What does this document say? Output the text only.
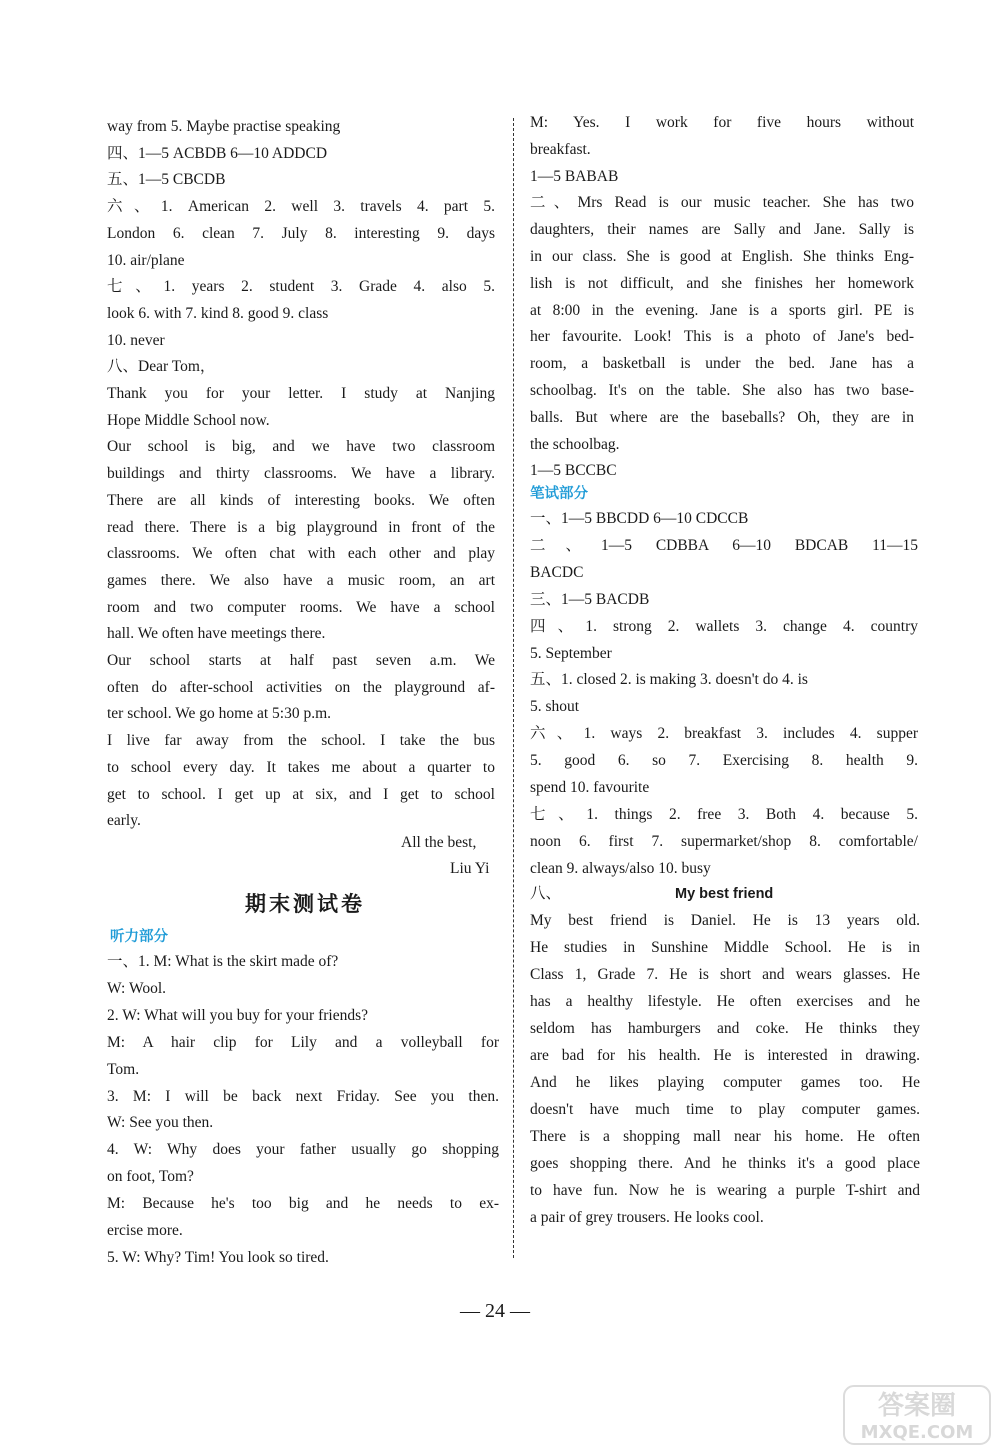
way from 5. Maybe practise speaking
四、1—5 ACBDB 6—10 ADDCD
五、1—5 CBCDB
六、1. American 2. well 3. travels 4. part 5.
London 6. clean 7. July 8. interesting 9. days
10. air/plane
七、1. years 2. student 3. Grade 4. also 5.
look 6. with 7. kind 8. good 9. class
10. never
八、Dear Tom，
Thank you for your letter. I study at Nanjing
Hope Middle School now.
Our school is big, and we have two classroom
buildings and thirty classrooms. We have a library.
There are all kinds of interesting books. We often
read there. There is a big playground in front of the
classrooms. We often chat with each other and play
games there. We also have a music room, an art
room and two computer rooms. We have a school
hall. We often have meetings there.
Our school starts at half past seven a.m. We
often do after-school activities on the playground af-
ter school. We go home at 5:30 p.m.
I live far away from the school. I take the bus
to school every day. It takes me about a quarter to
get to school. I get up at six, and I get to school
early.
一、1. M: What is the skirt made of?
W: Wool.
2. W: What will you buy for your friends?
M: A hair clip for Lily and a volleyball for
Tom.
3. M: I will be back next Friday. See you then.
W: See you then.
4. W: Why does your father usually go shopping
on foot, Tom?
M: Because he's too big and he needs to ex-
ercise more.
5. W: Why? Tim! You look so tired.
M: Yes. I work for five hours without
breakfast.
1—5 BABAB
二、Mrs Read is our music teacher. She has two
daughters, their names are Sally and Jane. Sally is
in our class. She is good at English. She thinks Eng-
lish is not difficult, and she finishes her homework
at 8:00 in the evening. Jane is a sports girl. PE is
her favourite. Look! This is a photo of Jane's bed-
room, a basketball is under the bed. Jane has a
schoolbag. It's on the table. She also has two base-
balls. But where are the baseballs? Oh, they are in
the schoolbag.
1—5 BCCBC
一、1—5 BBCDD 6—10 CDCCB
二、1—5 CDBBA 6—10 BDCAB 11—15
BACDC
三、1—5 BACDB
四、1. strong 2. wallets 3. change 4. country
5. September
五、1. closed 2. is making 3. doesn't do 4. is
5. shout
六、1. ways 2. breakfast 3. includes 4. supper
5. good 6. so 7. Exercising 8. health 9.
spend 10. favourite
七、1. things 2. free 3. Both 4. because 5.
noon 6. first 7. supermarket/shop 8. comfortable/
clean 9. always/also 10. busy
My best friend is Daniel. He is 13 years old.
He studies in Sunshine Middle School. He is in
Class 1, Grade 7. He is short and wears glasses. He
has a healthy lifestyle. He often exercises and he
seldom has hamburgers and coke. He thinks they
are bad for his health. He is interested in drawing.
And he likes playing computer games too. He
doesn't have much time to play computer games.
There is a shopping mall near his home. He often
goes shopping there. And he thinks it's a good place
to have fun. Now he is wearing a purple T-shirt and
a pair of grey trousers. He looks cool.
All the best,
Liu Yi
期末测试卷
听力部分
笔试部分
八、	My best friend
— 24 —
答案圈
MXQE.COM
